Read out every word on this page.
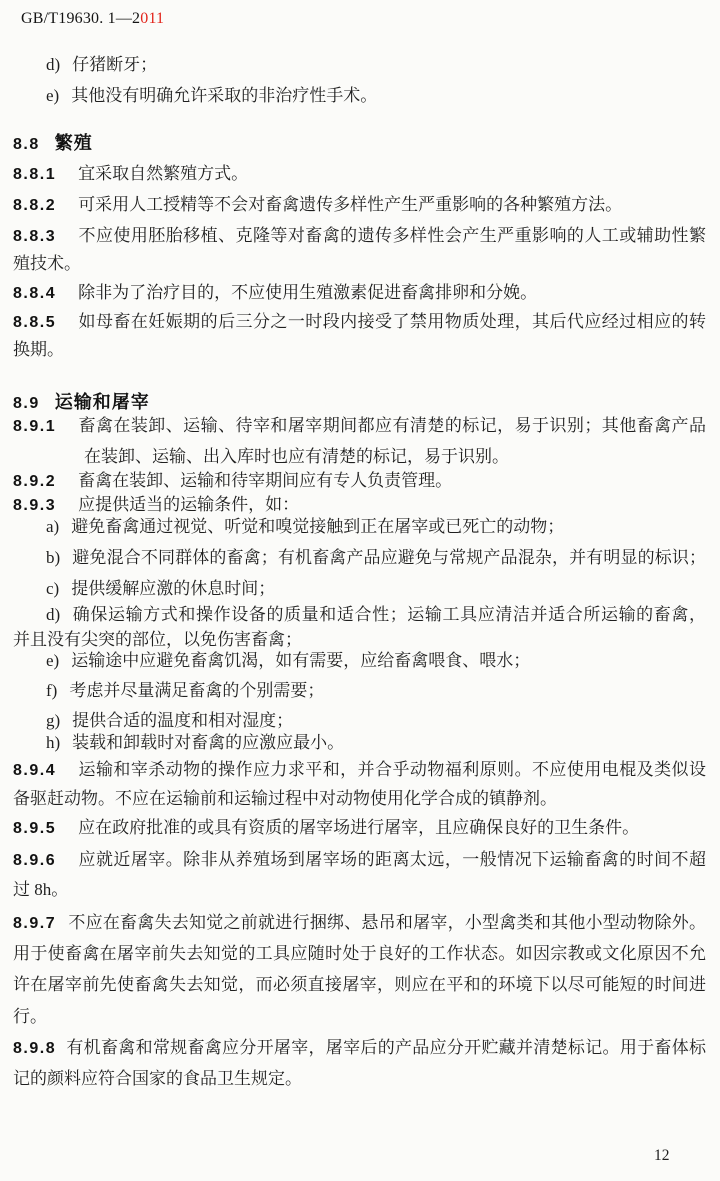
GB/T19630. 1—2011
d) 仔猪断牙；
e) 其他没有明确允许采取的非治疗性手术。
8.8 繁殖
8.8.1 宜采取自然繁殖方式。
8.8.2 可采用人工授精等不会对畜禽遗传多样性产生严重影响的各种繁殖方法。
8.8.3 不应使用胚胎移植、克隆等对畜禽的遗传多样性会产生严重影响的人工或辅助性繁
殖技术。
8.8.4 除非为了治疗目的，不应使用生殖激素促进畜禽排卵和分娩。
8.8.5 如母畜在妊娠期的后三分之一时段内接受了禁用物质处理，其后代应经过相应的转
换期。
8.9 运输和屠宰
8.9.1 畜禽在装卸、运输、待宰和屠宰期间都应有清楚的标记，易于识别；其他畜禽产品
在装卸、运输、出入库时也应有清楚的标记，易于识别。
8.9.2 畜禽在装卸、运输和待宰期间应有专人负责管理。
8.9.3 应提供适当的运输条件，如：
a) 避免畜禽通过视觉、听觉和嗅觉接触到正在屠宰或已死亡的动物；
b) 避免混合不同群体的畜禽；有机畜禽产品应避免与常规产品混杂，并有明显的标识；
c) 提供缓解应激的休息时间；
d) 确保运输方式和操作设备的质量和适合性；运输工具应清洁并适合所运输的畜禽，
并且没有尖突的部位，以免伤害畜禽；
e) 运输途中应避免畜禽饥渴，如有需要，应给畜禽喂食、喂水；
f) 考虑并尽量满足畜禽的个别需要；
g) 提供合适的温度和相对湿度；
h) 装载和卸载时对畜禽的应激应最小。
8.9.4 运输和宰杀动物的操作应力求平和，并合乎动物福利原则。不应使用电棍及类似设
备驱赶动物。不应在运输前和运输过程中对动物使用化学合成的镇静剂。
8.9.5 应在政府批准的或具有资质的屠宰场进行屠宰，且应确保良好的卫生条件。
8.9.6 应就近屠宰。除非从养殖场到屠宰场的距离太远，一般情况下运输畜禽的时间不超
过 8h。
8.9.7 不应在畜禽失去知觉之前就进行捆绑、悬吊和屠宰，小型禽类和其他小型动物除外。
用于使畜禽在屠宰前失去知觉的工具应随时处于良好的工作状态。如因宗教或文化原因不允
许在屠宰前先使畜禽失去知觉，而必须直接屠宰，则应在平和的环境下以尽可能短的时间进
行。
8.9.8 有机畜禽和常规畜禽应分开屠宰，屠宰后的产品应分开贮藏并清楚标记。用于畜体标
记的颜料应符合国家的食品卫生规定。
12
